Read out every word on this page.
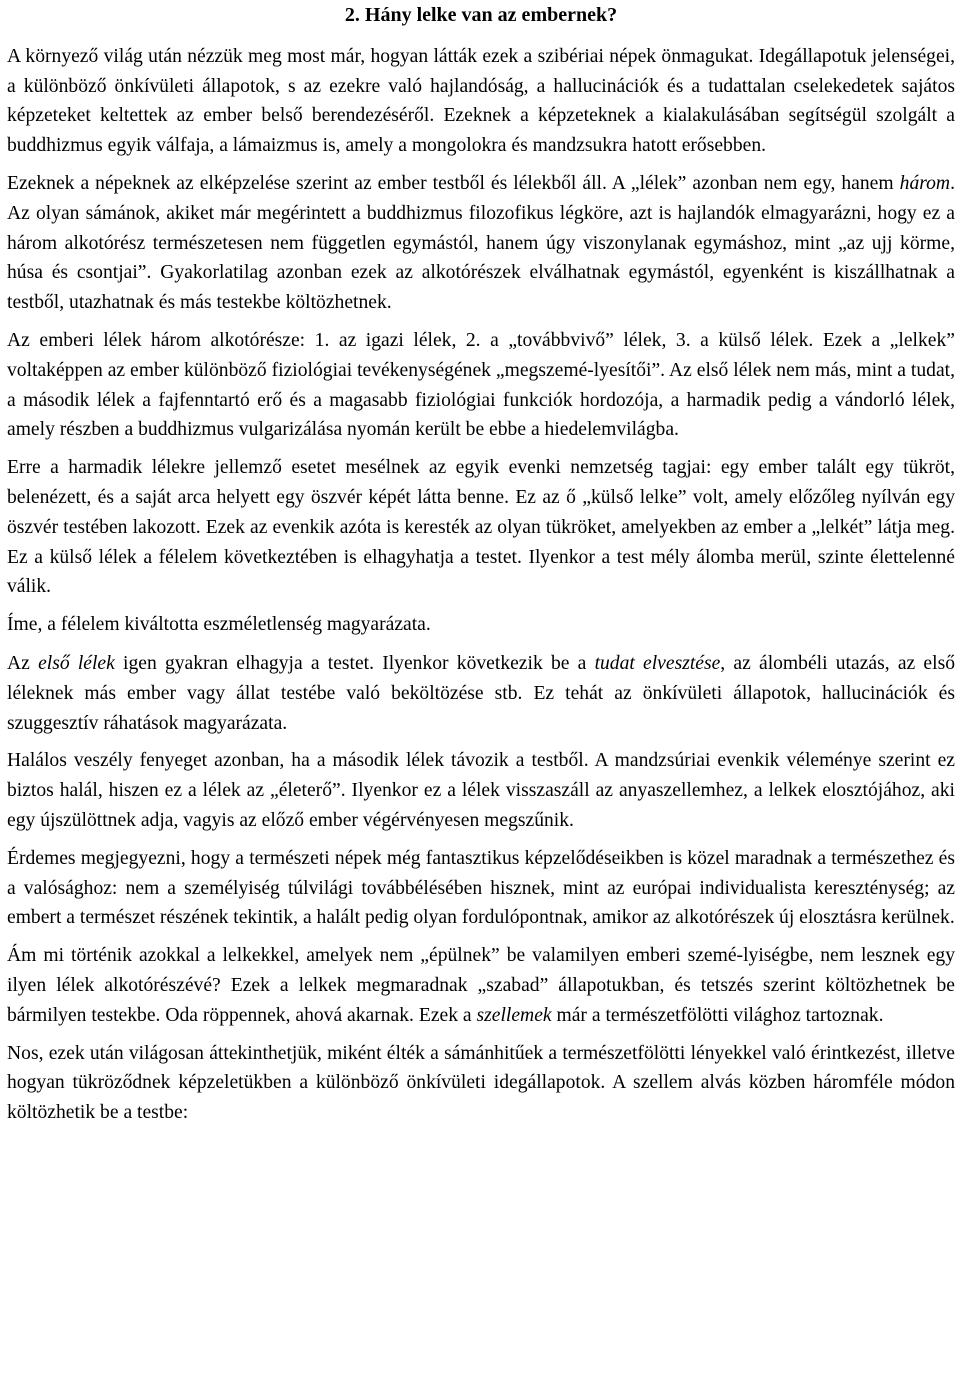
2. Hány lelke van az embernek?

A környező világ után nézzük meg most már, hogyan látták ezek a szibériai népek önmagukat. Idegállapotuk jelenségei, a különböző önkívületi állapotok, s az ezekre való hajlandóság, a hallucinációk és a tudattalan cselekedetek sajátos képzeteket keltettek az ember belső berendezéséről. Ezeknek a képzeteknek a kialakulásában segítségül szolgált a buddhizmus egyik válfaja, a lámaizmus is, amely a mongolokra és mandzsukra hatott erősebben.

Ezeknek a népeknek az elképzelése szerint az ember testből és lélekből áll. A „lélek” azonban nem egy, hanem három. Az olyan sámánok, akiket már megérintett a buddhizmus filozofikus légköre, azt is hajlandók elmagyarázni, hogy ez a három alkotórész természetesen nem független egymástól, hanem úgy viszonylanak egymáshoz, mint „az ujj körme, húsa és csontjai”. Gyakorlatilag azonban ezek az alkotórészek elválhatnak egymástól, egyenként is kiszállhatnak a testből, utazhatnak és más testekbe költözhetnek.

Az emberi lélek három alkotórésze: 1. az igazi lélek, 2. a „továbbvivő” lélek, 3. a külső lélek. Ezek a „lelkek” voltaképpen az ember különböző fiziológiai tevékenységének „megszemé-lyesítői”. Az első lélek nem más, mint a tudat, a második lélek a fajfenntartó erő és a magasabb fiziológiai funkciók hordozója, a harmadik pedig a vándorló lélek, amely részben a buddhizmus vulgarizálása nyomán került be ebbe a hiedelemvilágba.

Erre a harmadik lélekre jellemző esetet mesélnek az egyik evenki nemzetség tagjai: egy ember talált egy tükröt, belenézett, és a saját arca helyett egy öszvér képét látta benne. Ez az ő „külső lelke” volt, amely előzőleg nyílván egy öszvér testében lakozott. Ezek az evenkik azóta is keresték az olyan tükröket, amelyekben az ember a „lelkét” látja meg. Ez a külső lélek a félelem következtében is elhagyhatja a testet. Ilyenkor a test mély álomba merül, szinte élettelenné válik.

Íme, a félelem kiváltotta eszméletlenség magyarázata.

Az első lélek igen gyakran elhagyja a testet. Ilyenkor következik be a tudat elvesztése, az álombéli utazás, az első léleknek más ember vagy állat testébe való beköltözése stb. Ez tehát az önkívületi állapotok, hallucinációk és szuggesztív ráhatások magyarázata.

Halálos veszély fenyeget azonban, ha a második lélek távozik a testből. A mandzsúriai evenkik véleménye szerint ez biztos halál, hiszen ez a lélek az „életerő”. Ilyenkor ez a lélek visszaszáll az anyaszellemhez, a lelkek elosztójához, aki egy újszülöttnek adja, vagyis az előző ember végérvényesen megszűnik.

Érdemes megjegyezni, hogy a természeti népek még fantasztikus képzelődéseikben is közel maradnak a természethez és a valósághoz: nem a személyiség túlvilági továbbélésében hisznek, mint az európai individualista kereszténység; az embert a természet részének tekintik, a halált pedig olyan fordulópontnak, amikor az alkotórészek új elosztásra kerülnek.

Ám mi történik azokkal a lelkekkel, amelyek nem „épülnek” be valamilyen emberi szemé-lyiségbe, nem lesznek egy ilyen lélek alkotórészévé? Ezek a lelkek megmaradnak „szabad” állapotukban, és tetszés szerint költözhetnek be bármilyen testekbe. Oda röppennek, ahová akarnak. Ezek a szellemek már a természetfölötti világhoz tartoznak.

Nos, ezek után világosan áttekinthetjük, miként élték a sámánhitűek a természetfölötti lényekkel való érintkezést, illetve hogyan tükröződnek képzeletükben a különböző önkívületi idegállapotok. A szellem alvás közben háromféle módon költözhetik be a testbe:
